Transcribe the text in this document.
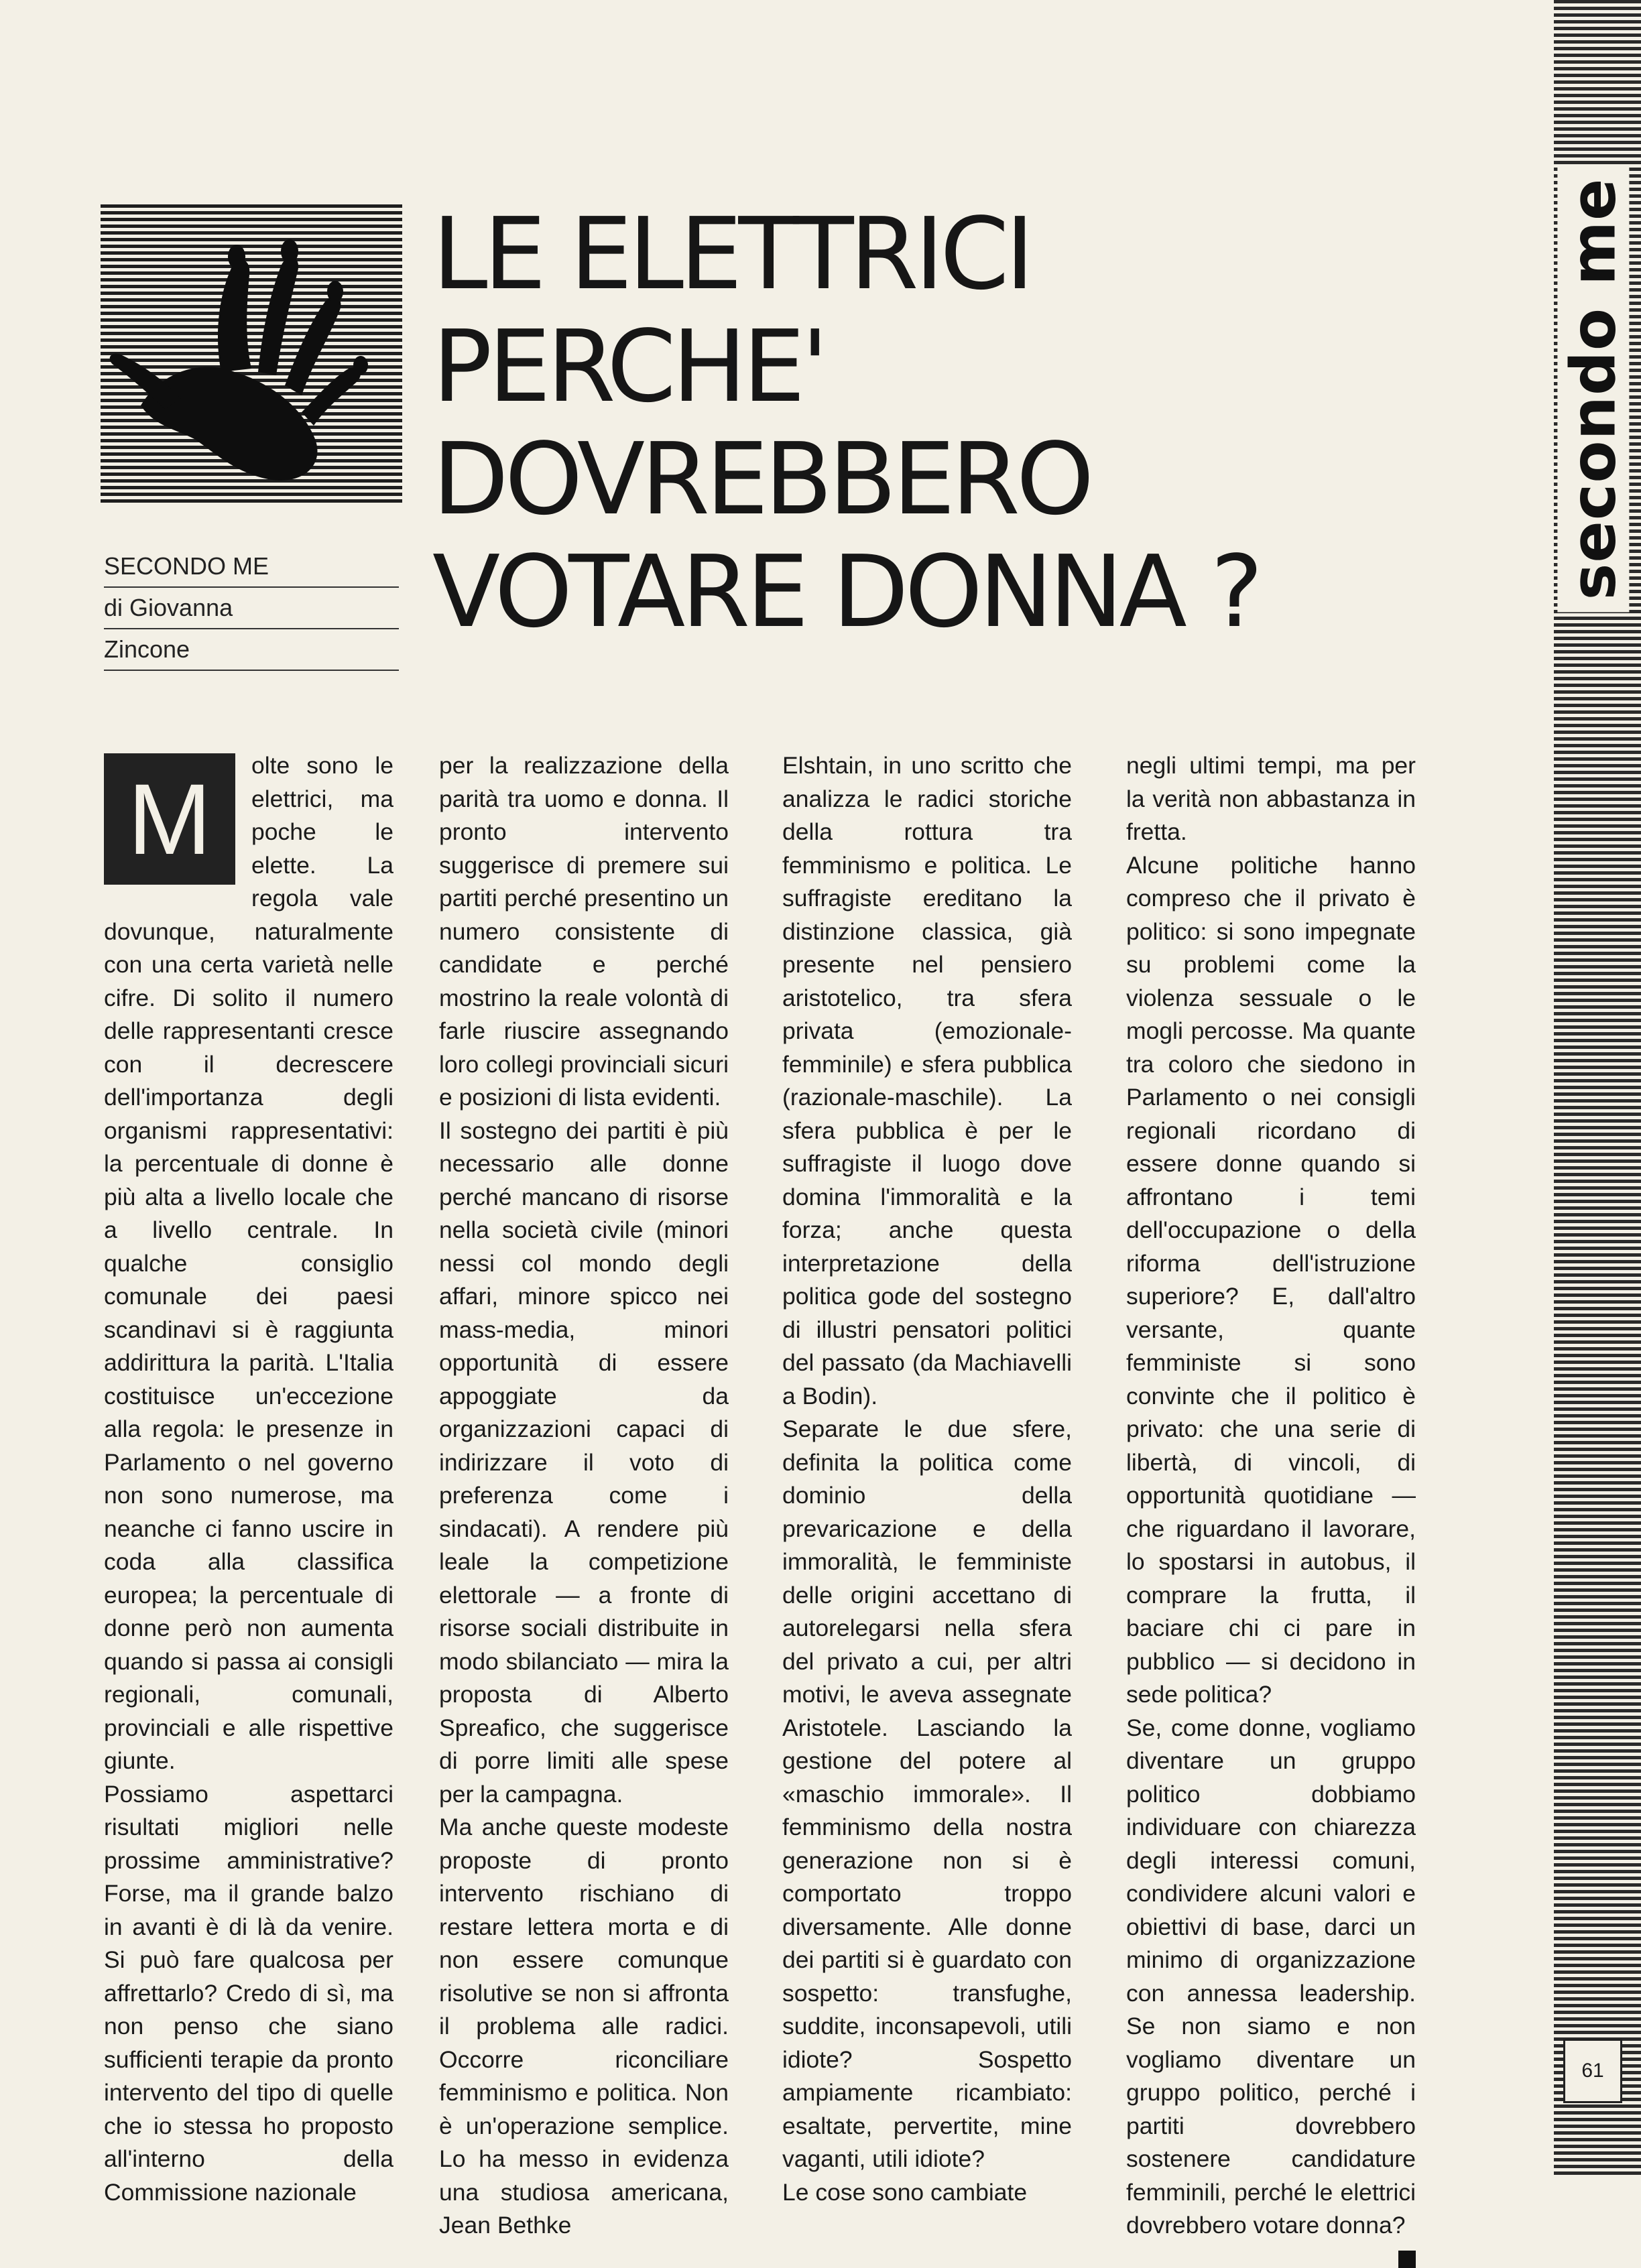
secondo me
SECONDO ME
di Giovanna
Zincone
LE ELETTRICI
PERCHE'
DOVREBBERO
VOTARE DONNA ?

M	olte sono le elettrici, ma poche le elette. La regola vale dovunque, naturalmente con una certa varietà nelle cifre. Di solito il numero delle rappresentanti cresce con il decrescere dell'importanza degli organismi rappresentativi: la percentuale di donne è più alta a livello locale che a livello centrale. In qualche consiglio comunale dei paesi scandinavi si è raggiunta addirittura la parità. L'Italia costituisce un'eccezione alla regola: le presenze in Parlamento o nel governo non sono numerose, ma neanche ci fanno uscire in coda alla classifica europea; la percentuale di donne però non aumenta quando si passa ai consigli regionali, comunali, provinciali e alle rispettive giunte.

Possiamo aspettarci risultati migliori nelle prossime amministrative? Forse, ma il grande balzo in avanti è di là da venire. Si può fare qualcosa per affrettarlo? Credo di sì, ma non penso che siano sufficienti terapie da pronto intervento del tipo di quelle che io stessa ho proposto all'interno della Commissione nazionale

per la realizzazione della parità tra uomo e donna. Il pronto intervento suggerisce di premere sui partiti perché presentino un numero consistente di candidate e perché mostrino la reale volontà di farle riuscire assegnando loro collegi provinciali sicuri e posizioni di lista evidenti.

Il sostegno dei partiti è più necessario alle donne perché mancano di risorse nella società civile (minori nessi col mondo degli affari, minore spicco nei mass-media, minori opportunità di essere appoggiate da organizzazioni capaci di indirizzare il voto di preferenza come i sindacati). A rendere più leale la competizione elettorale — a fronte di risorse sociali distribuite in modo sbilanciato — mira la proposta di Alberto Spreafico, che suggerisce di porre limiti alle spese per la campagna.

Ma anche queste modeste proposte di pronto intervento rischiano di restare lettera morta e di non essere comunque risolutive se non si affronta il problema alle radici. Occorre riconciliare femminismo e politica. Non è un'operazione semplice. Lo ha messo in evidenza una studiosa americana, Jean Bethke

Elshtain, in uno scritto che analizza le radici storiche della rottura tra femminismo e politica. Le suffragiste ereditano la distinzione classica, già presente nel pensiero aristotelico, tra sfera privata (emozionale-femminile) e sfera pubblica (razionale-maschile). La sfera pubblica è per le suffragiste il luogo dove domina l'immoralità e la forza; anche questa interpretazione della politica gode del sostegno di illustri pensatori politici del passato (da Machiavelli a Bodin).

Separate le due sfere, definita la politica come dominio della prevaricazione e della immoralità, le femministe delle origini accettano di autorelegarsi nella sfera del privato a cui, per altri motivi, le aveva assegnate Aristotele. Lasciando la gestione del potere al «maschio immorale». Il femminismo della nostra generazione non si è comportato troppo diversamente. Alle donne dei partiti si è guardato con sospetto: transfughe, suddite, inconsapevoli, utili idiote? Sospetto ampiamente ricambiato: esaltate, pervertite, mine vaganti, utili idiote?

Le cose sono cambiate

negli ultimi tempi, ma per la verità non abbastanza in fretta.

Alcune politiche hanno compreso che il privato è politico: si sono impegnate su problemi come la violenza sessuale o le mogli percosse. Ma quante tra coloro che siedono in Parlamento o nei consigli regionali ricordano di essere donne quando si affrontano i temi dell'occupazione o della riforma dell'istruzione superiore? E, dall'altro versante, quante femministe si sono convinte che il politico è privato: che una serie di libertà, di vincoli, di opportunità quotidiane — che riguardano il lavorare, lo spostarsi in autobus, il comprare la frutta, il baciare chi ci pare in pubblico — si decidono in sede politica?

Se, come donne, vogliamo diventare un gruppo politico dobbiamo individuare con chiarezza degli interessi comuni, condividere alcuni valori e obiettivi di base, darci un minimo di organizzazione con annessa leadership. Se non siamo e non vogliamo diventare un gruppo politico, perché i partiti dovrebbero sostenere candidature femminili, perché le elettrici dovrebbero votare donna?

61
